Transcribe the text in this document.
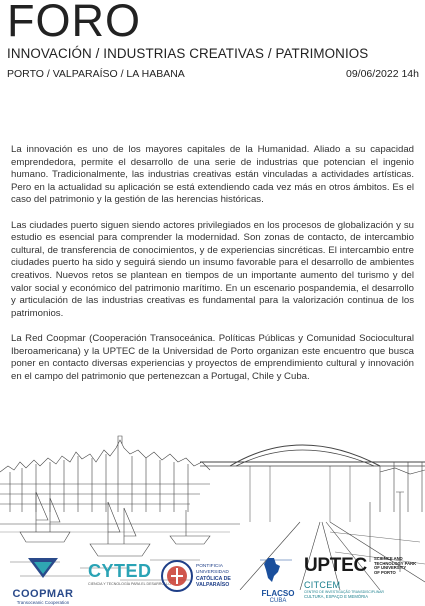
FORO
INNOVACIÓN / INDUSTRIAS CREATIVAS / PATRIMONIOS
PORTO / VALPARAÍSO / LA HABANA	09/06/2022 14h

La innovación es uno de los mayores capitales de la Humanidad. Aliado a su capacidad emprendedora, permite el desarrollo de una serie de industrias que potencian el ingenio humano. Tradicionalmente, las industrias creativas están vinculadas a actividades artísticas. Pero en la actualidad su aplicación se está extendiendo cada vez más en otros ámbitos. Es el caso del patrimonio y la gestión de las herencias históricas.

Las ciudades puerto siguen siendo actores privilegiados en los procesos de globalización y su estudio es esencial para comprender la modernidad. Son zonas de contacto, de intercambio cultural, de transferencia de conocimientos, y de experiencias sincréticas. El intercambio entre ciudades puerto ha sido y seguirá siendo un insumo favorable para el desarrollo de ambientes creativos. Nuevos retos se plantean en tiempos de un importante aumento del turismo y del valor social y económico del patrimonio marítimo. En un escenario pospandemia, el desarrollo y articulación de las industrias creativas es fundamental para la valorización continua de los patrimonios.

La Red Coopmar (Cooperación Transoceánica. Políticas Públicas y Comunidad Sociocultural Iberoamericana) y la UPTEC de la Universidad de Porto organizan este encuentro que busca poner en contacto diversas experiencias y proyectos de emprendimiento cultural y innovación en el campo del patrimonio que pertenezcan a Portugal, Chile y Cuba.

COOPMAR
Transoceanic Cooperation
CYTED
CIENCIA Y TECNOLOGÍA PARA EL DESARROLLO
PONTIFICIA
UNIVERSIDAD
CATÓLICA DE
VALPARAÍSO
FLACSO
CUBA
UPTEC SCIENCE AND
TECHNOLOGY PARK
OF UNIVERSITY
OF PORTO
CITCEM
CENTRO DE INVESTIGAÇÃO TRANSDISCIPLINAR
CULTURA, ESPAÇO E MEMÓRIA
